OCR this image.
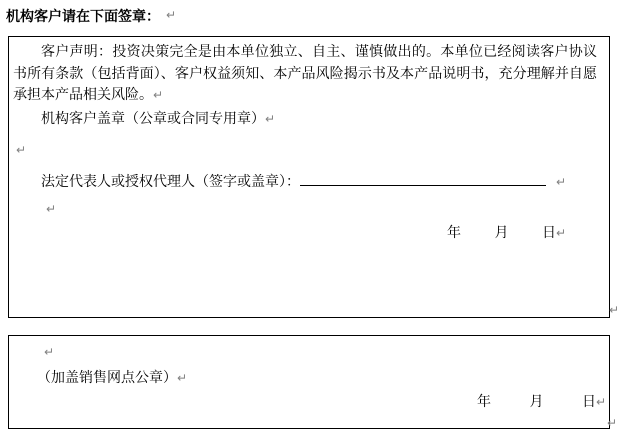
机构客户请在下面签章： ↵

客户声明：投资决策完全是由本单位独立、自主、谨慎做出的。本单位已经阅读客户协议书所有条款（包括背面）、客户权益须知、本产品风险揭示书及本产品说明书，充分理解并自愿承担本产品相关风险。↵

机构客户盖章（公章或合同专用章）↵
↵
法定代表人或授权代理人（签字或盖章）：	↵
↵
年 月 日↵
↵
↵
（加盖销售网点公章）↵
年 月 日↵
↵
